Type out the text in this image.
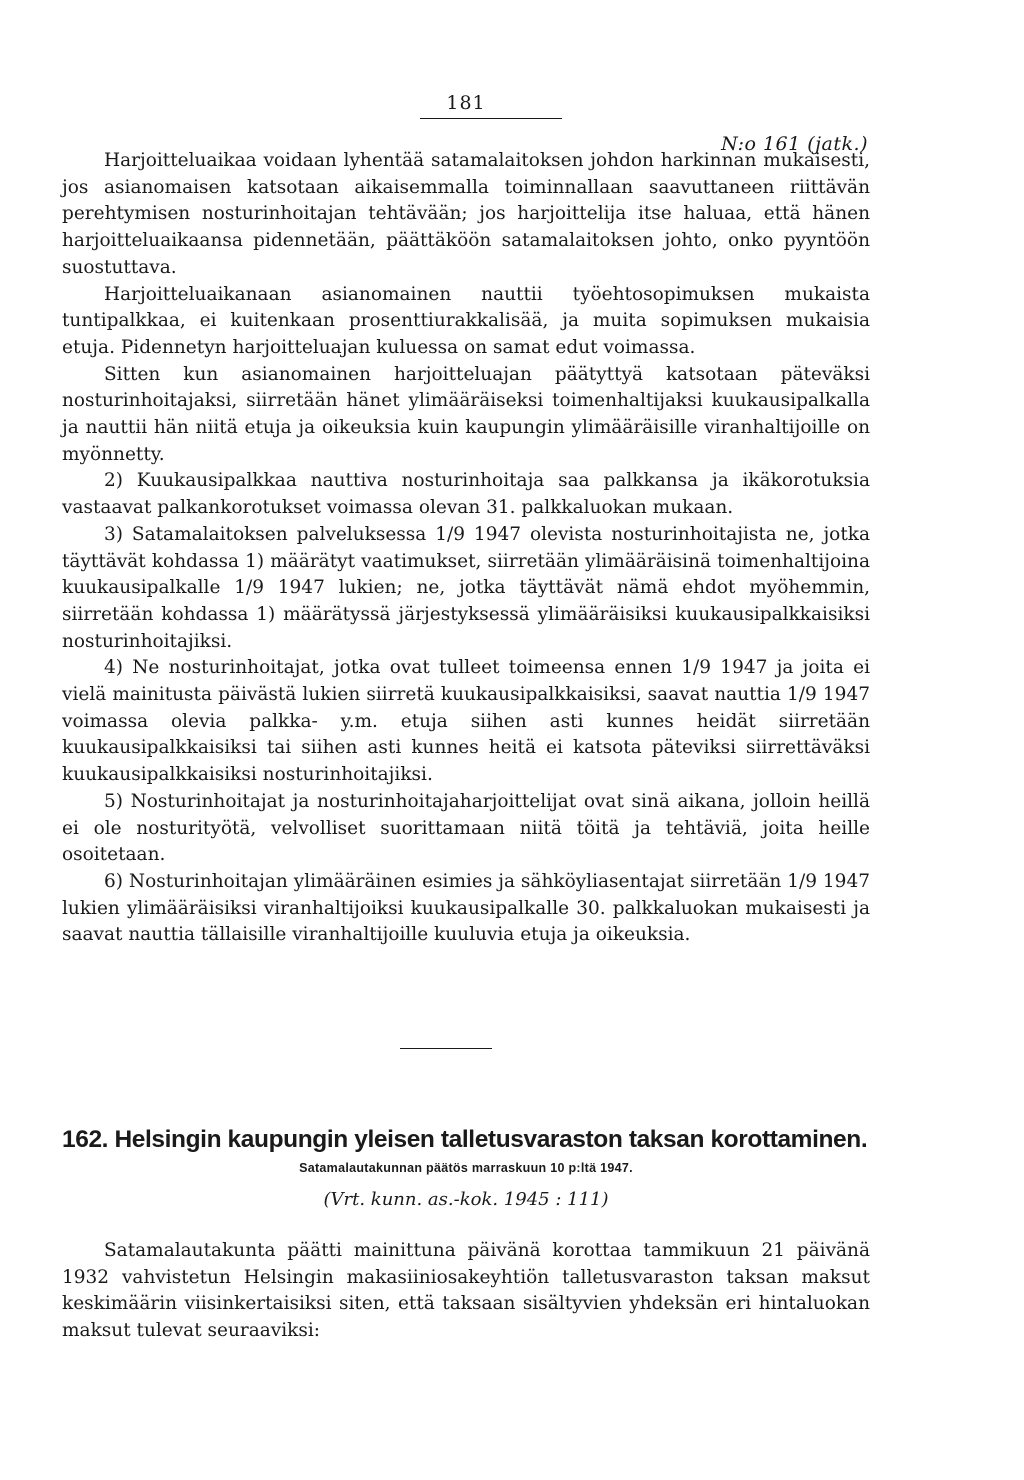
181
N:o 161 (jatk.)

Harjoitteluaikaa voidaan lyhentää satamalaitoksen johdon harkinnan mukaisesti, jos asianomaisen katsotaan aikaisemmalla toiminnallaan saavuttaneen riittävän perehtymisen nosturinhoitajan tehtävään; jos harjoittelija itse haluaa, että hänen harjoitteluaikaansa pidennetään, päättäköön satamalaitoksen johto, onko pyyntöön suostuttava.

Harjoitteluaikanaan asianomainen nauttii työehtosopimuksen mukaista tuntipalkkaa, ei kuitenkaan prosenttiurakkalisää, ja muita sopimuksen mukaisia etuja. Pidennetyn harjoitteluajan kuluessa on samat edut voimassa.

Sitten kun asianomainen harjoitteluajan päätyttyä katsotaan päteväksi nosturinhoitajaksi, siirretään hänet ylimääräiseksi toimenhaltijaksi kuukausipalkalla ja nauttii hän niitä etuja ja oikeuksia kuin kaupungin ylimääräisille viranhaltijoille on myönnetty.

2) Kuukausipalkkaa nauttiva nosturinhoitaja saa palkkansa ja ikäkorotuksia vastaavat palkankorotukset voimassa olevan 31. palkkaluokan mukaan.

3) Satamalaitoksen palveluksessa 1/9 1947 olevista nosturinhoitajista ne, jotka täyttävät kohdassa 1) määrätyt vaatimukset, siirretään ylimääräisinä toimenhaltijoina kuukausipalkalle 1/9 1947 lukien; ne, jotka täyttävät nämä ehdot myöhemmin, siirretään kohdassa 1) määrätyssä järjestyksessä ylimääräisiksi kuukausipalkkaisiksi nosturinhoitajiksi.

4) Ne nosturinhoitajat, jotka ovat tulleet toimeensa ennen 1/9 1947 ja joita ei vielä mainitusta päivästä lukien siirretä kuukausipalkkaisiksi, saavat nauttia 1/9 1947 voimassa olevia palkka- y.m. etuja siihen asti kunnes heidät siirretään kuukausipalkkaisiksi tai siihen asti kunnes heitä ei katsota päteviksi siirrettäväksi kuukausipalkkaisiksi nosturinhoitajiksi.

5) Nosturinhoitajat ja nosturinhoitajaharjoittelijat ovat sinä aikana, jolloin heillä ei ole nosturityötä, velvolliset suorittamaan niitä töitä ja tehtäviä, joita heille osoitetaan.

6) Nosturinhoitajan ylimääräinen esimies ja sähköyliasentajat siirretään 1/9 1947 lukien ylimääräisiksi viranhaltijoiksi kuukausipalkalle 30. palkkaluokan mukaisesti ja saavat nauttia tällaisille viranhaltijoille kuuluvia etuja ja oikeuksia.

162. Helsingin kaupungin yleisen talletusvaraston taksan korottaminen.
Satamalautakunnan päätös marraskuun 10 p:ltä 1947.
(Vrt. kunn. as.-kok. 1945 : 111)

Satamalautakunta päätti mainittuna päivänä korottaa tammikuun 21 päivänä 1932 vahvistetun Helsingin makasiiniosakeyhtiön talletusvaraston taksan maksut keskimäärin viisinkertaisiksi siten, että taksaan sisältyvien yhdeksän eri hintaluokan maksut tulevat seuraaviksi:
